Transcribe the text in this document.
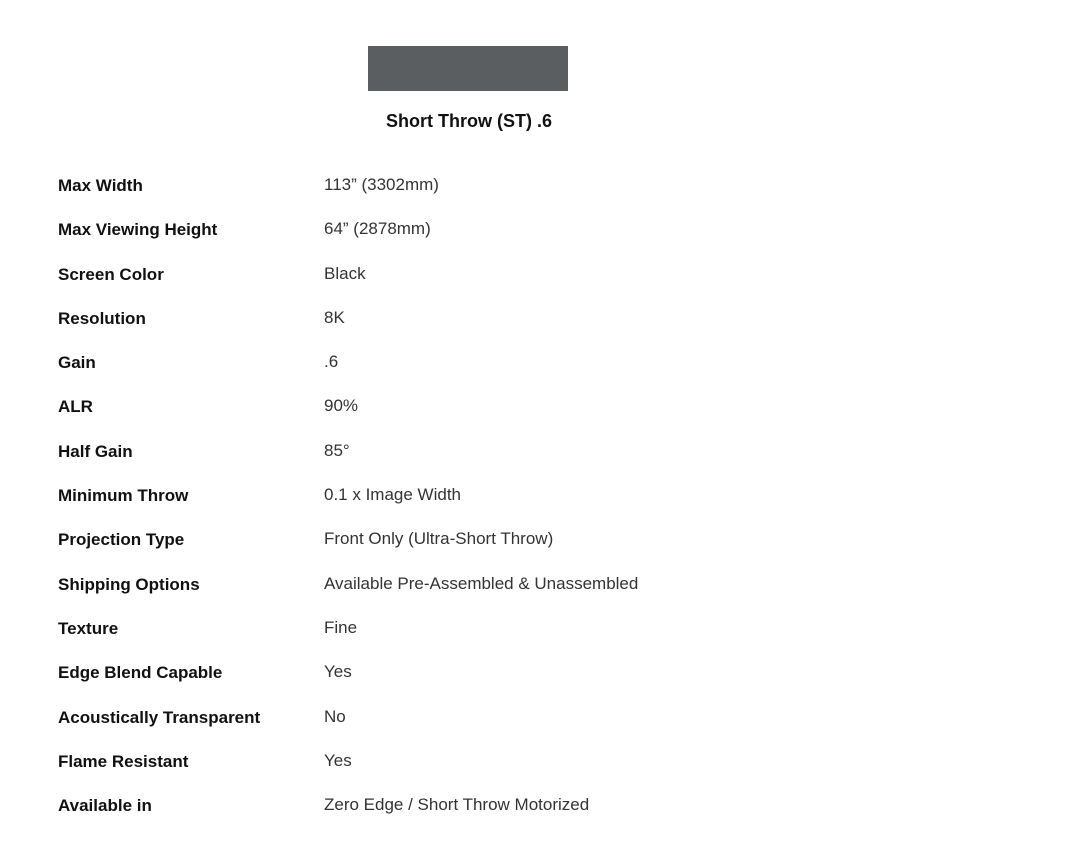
Short Throw (ST) .6
Max Width	113” (3302mm)
Max Viewing Height	64” (2878mm)
Screen Color	Black
Resolution	8K
Gain	.6
ALR	90%
Half Gain	85°
Minimum Throw	0.1 x Image Width
Projection Type	Front Only (Ultra-Short Throw)
Shipping Options	Available Pre-Assembled & Unassembled
Texture	Fine
Edge Blend Capable	Yes
Acoustically Transparent	No
Flame Resistant	Yes
Available in	Zero Edge / Short Throw Motorized
